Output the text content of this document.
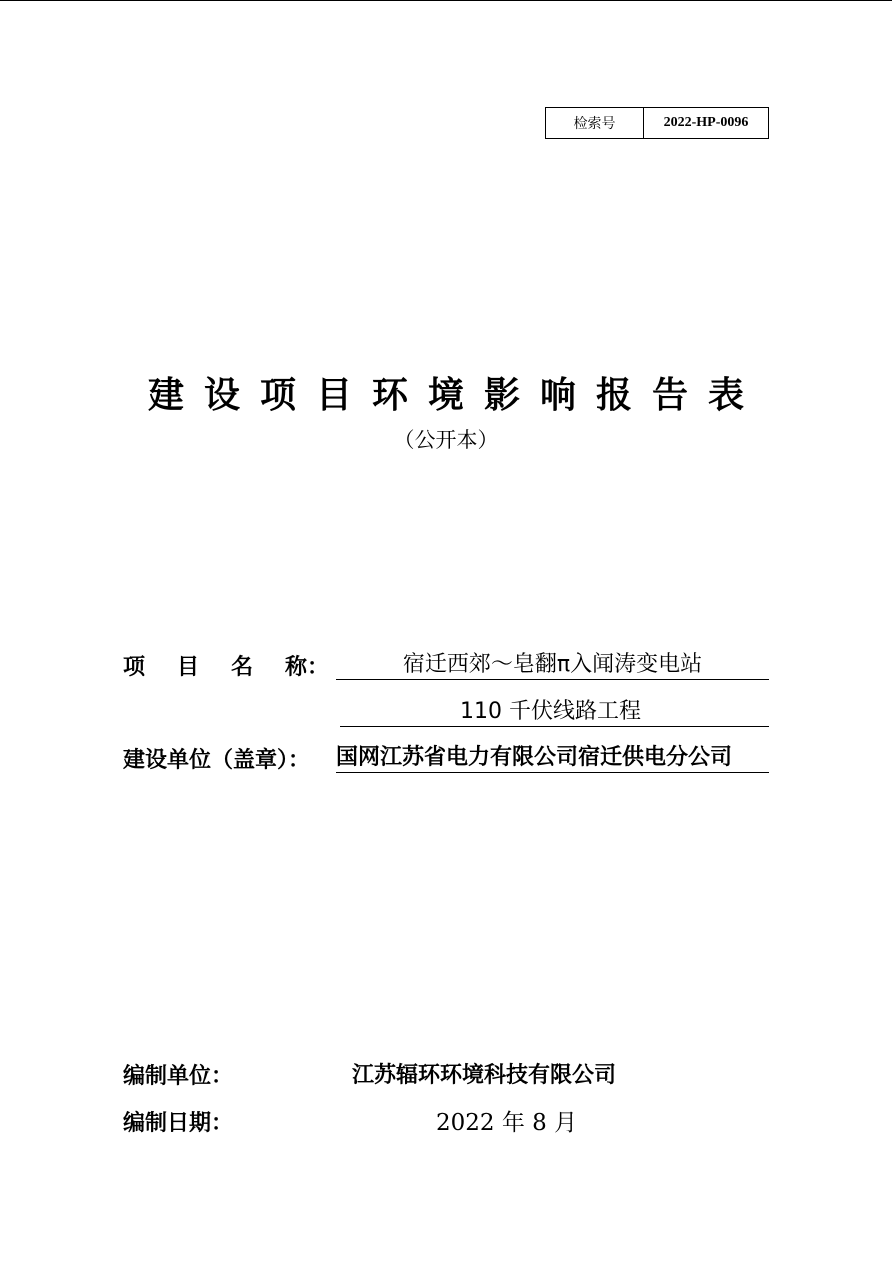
检索号	2022-HP-0096
建设项目环境影响报告表
（公开本）
项 目 名 称：	宿迁西郊～皂翻π入闻涛变电站
110 千伏线路工程
建设单位（盖章）： 国网江苏省电力有限公司宿迁供电分公司
编制单位：	江苏辐环环境科技有限公司
编制日期：	2022 年 8 月
